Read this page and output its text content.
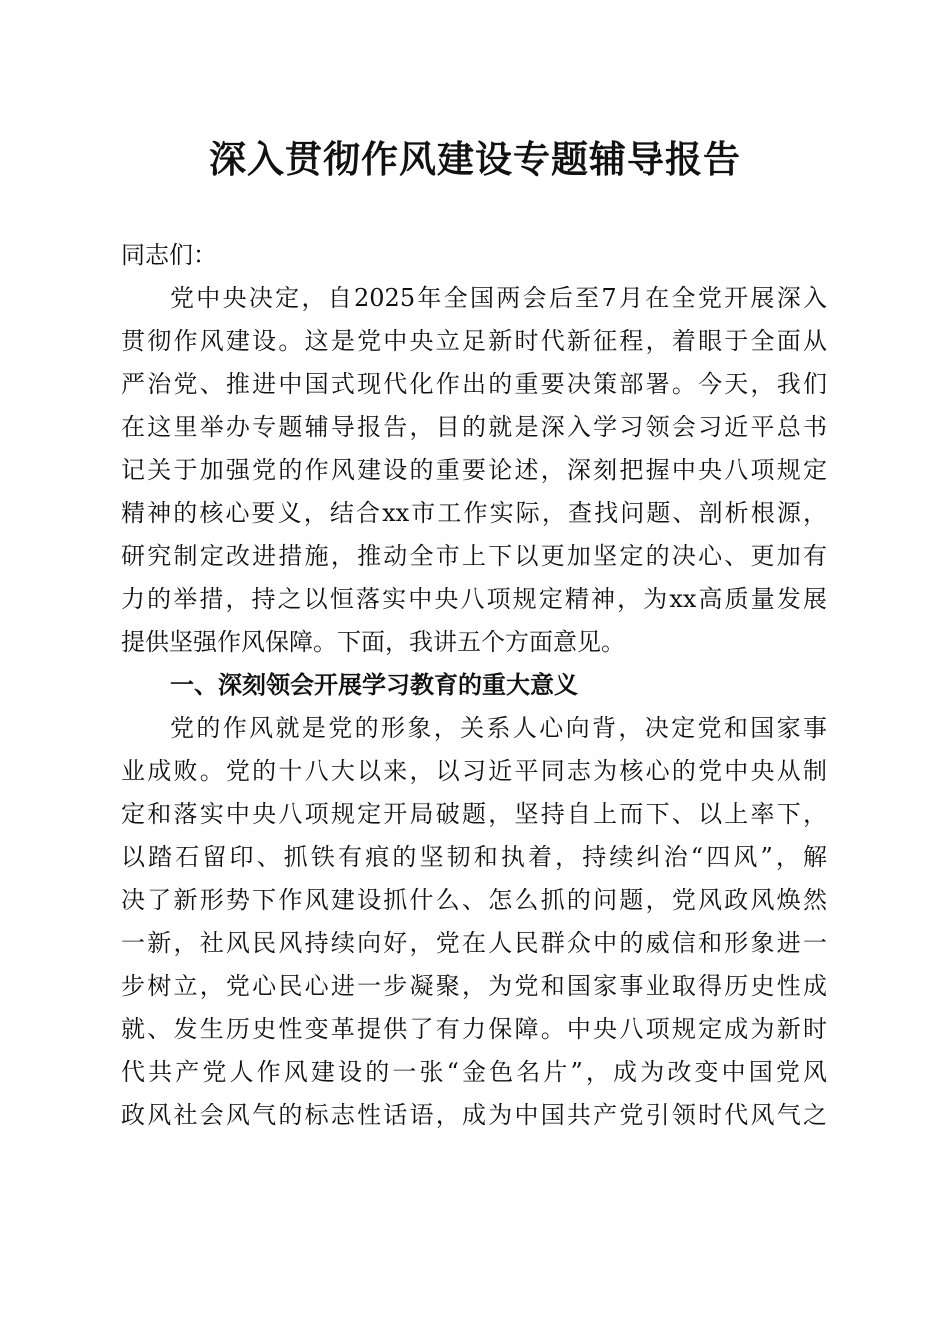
深入贯彻作风建设专题辅导报告

同志们：

党中央决定，自2025年全国两会后至7月在全党开展深入

贯彻作风建设。这是党中央立足新时代新征程，着眼于全面从

严治党、推进中国式现代化作出的重要决策部署。今天，我们

在这里举办专题辅导报告，目的就是深入学习领会习近平总书

记关于加强党的作风建设的重要论述，深刻把握中央八项规定

精神的核心要义，结合xx市工作实际，查找问题、剖析根源，

研究制定改进措施，推动全市上下以更加坚定的决心、更加有

力的举措，持之以恒落实中央八项规定精神，为xx高质量发展

提供坚强作风保障。下面，我讲五个方面意见。

一、深刻领会开展学习教育的重大意义

党的作风就是党的形象，关系人心向背，决定党和国家事

业成败。党的十八大以来，以习近平同志为核心的党中央从制

定和落实中央八项规定开局破题，坚持自上而下、以上率下，

以踏石留印、抓铁有痕的坚韧和执着，持续纠治“四风”，解

决了新形势下作风建设抓什么、怎么抓的问题，党风政风焕然

一新，社风民风持续向好，党在人民群众中的威信和形象进一

步树立，党心民心进一步凝聚，为党和国家事业取得历史性成

就、发生历史性变革提供了有力保障。中央八项规定成为新时

代共产党人作风建设的一张“金色名片”，成为改变中国党风

政风社会风气的标志性话语，成为中国共产党引领时代风气之
